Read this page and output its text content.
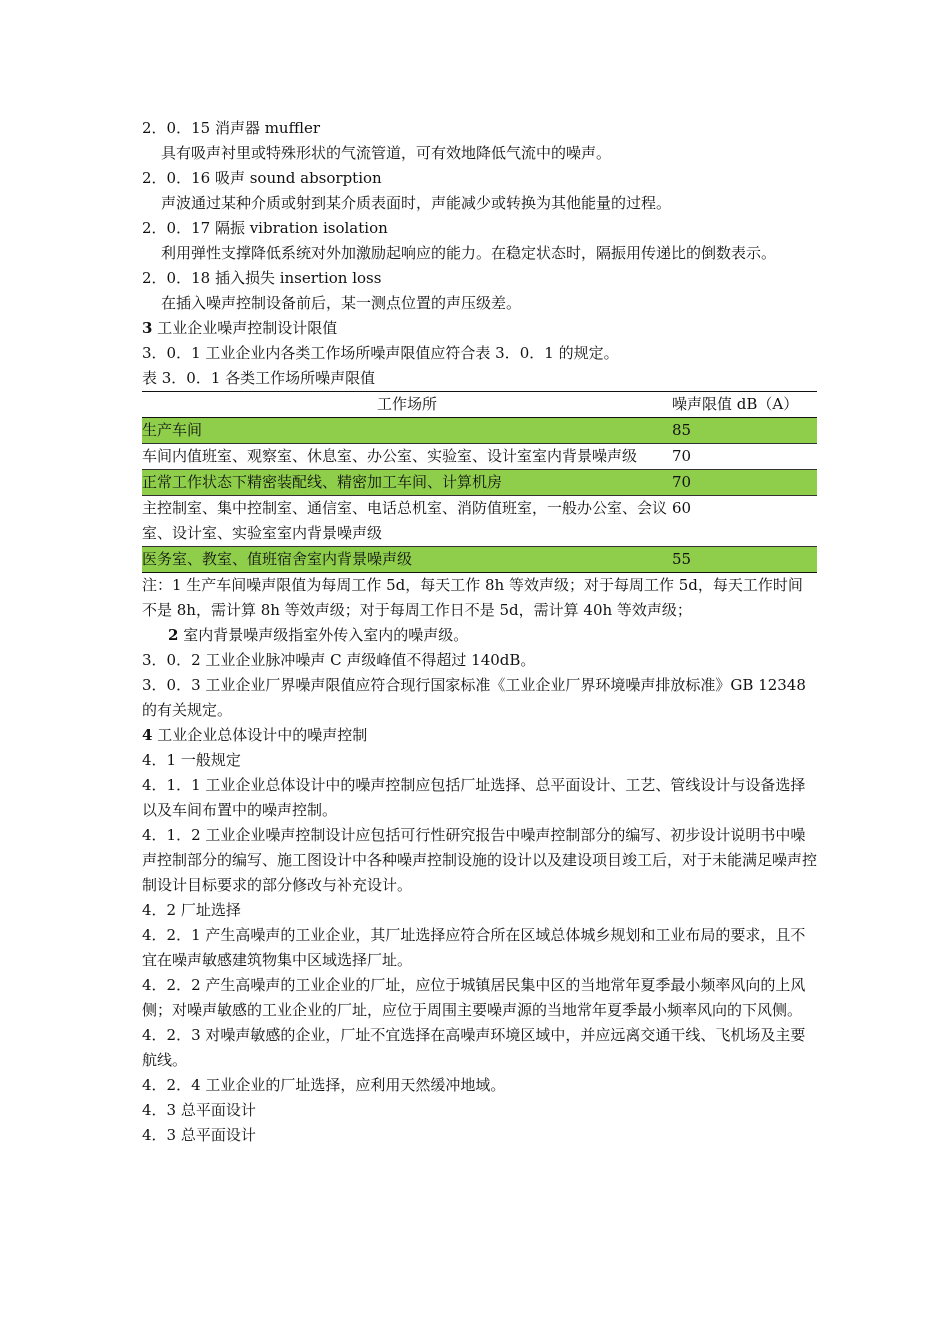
2．0．15 消声器 muffler

具有吸声衬里或特殊形状的气流管道，可有效地降低气流中的噪声。

2．0．16 吸声 sound absorption

声波通过某种介质或射到某介质表面时，声能减少或转换为其他能量的过程。

2．0．17 隔振 vibration isolation

利用弹性支撑降低系统对外加激励起响应的能力。在稳定状态时，隔振用传递比的倒数表示。

2．0．18 插入损失 insertion loss

在插入噪声控制设备前后，某一测点位置的声压级差。

3 工业企业噪声控制设计限值

3．0．1 工业企业内各类工作场所噪声限值应符合表 3．0．1 的规定。

表 3．0．1 各类工作场所噪声限值

工作场所	噪声限值 dB（A）
生产车间	85
车间内值班室、观察室、休息室、办公室、实验室、设计室室内背景噪声级	70
正常工作状态下精密装配线、精密加工车间、计算机房	70
主控制室、集中控制室、通信室、电话总机室、消防值班室，一般办公室、会议室、设计室、实验室室内背景噪声级	60
医务室、教室、值班宿舍室内背景噪声级	55

注：1 生产车间噪声限值为每周工作 5d，每天工作 8h 等效声级；对于每周工作 5d，每天工作时间不是 8h，需计算 8h 等效声级；对于每周工作日不是 5d，需计算 40h 等效声级；

2 室内背景噪声级指室外传入室内的噪声级。

3．0．2 工业企业脉冲噪声 C 声级峰值不得超过 140dB。

3．0．3 工业企业厂界噪声限值应符合现行国家标准《工业企业厂界环境噪声排放标准》GB 12348 的有关规定。

4 工业企业总体设计中的噪声控制

4．1 一般规定

4．1．1 工业企业总体设计中的噪声控制应包括厂址选择、总平面设计、工艺、管线设计与设备选择以及车间布置中的噪声控制。

4．1．2 工业企业噪声控制设计应包括可行性研究报告中噪声控制部分的编写、初步设计说明书中噪声控制部分的编写、施工图设计中各种噪声控制设施的设计以及建设项目竣工后，对于未能满足噪声控制设计目标要求的部分修改与补充设计。

4．2 厂址选择

4．2．1 产生高噪声的工业企业，其厂址选择应符合所在区域总体城乡规划和工业布局的要求，且不宜在噪声敏感建筑物集中区域选择厂址。

4．2．2 产生高噪声的工业企业的厂址，应位于城镇居民集中区的当地常年夏季最小频率风向的上风侧；对噪声敏感的工业企业的厂址，应位于周围主要噪声源的当地常年夏季最小频率风向的下风侧。

4．2．3 对噪声敏感的企业，厂址不宜选择在高噪声环境区域中，并应远离交通干线、飞机场及主要航线。

4．2．4 工业企业的厂址选择，应利用天然缓冲地域。

4．3 总平面设计

4．3 总平面设计
